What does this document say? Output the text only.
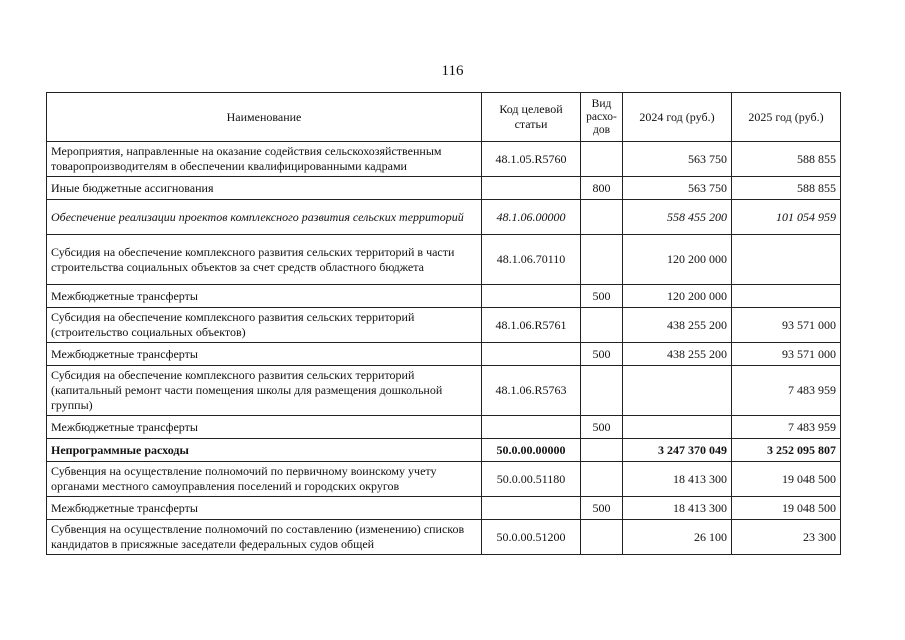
116
Наименование	Код целевой статьи	Вид расхо-дов	2024 год (руб.)	2025 год (руб.)
Мероприятия, направленные на оказание содействия сельскохозяйственным товаропроизводителям в обеспечении квалифицированными кадрами	48.1.05.R5760		563 750	588 855
Иные бюджетные ассигнования		800	563 750	588 855
Обеспечение реализации проектов комплексного развития сельских территорий	48.1.06.00000		558 455 200	101 054 959
Субсидия на обеспечение комплексного развития сельских территорий в части строительства социальных объектов за счет средств областного бюджета	48.1.06.70110		120 200 000	
Межбюджетные трансферты		500	120 200 000	
Субсидия на обеспечение комплексного развития сельских территорий (строительство социальных объектов)	48.1.06.R5761		438 255 200	93 571 000
Межбюджетные трансферты		500	438 255 200	93 571 000
Субсидия на обеспечение комплексного развития сельских территорий (капитальный ремонт части помещения школы для размещения дошкольной группы)	48.1.06.R5763			7 483 959
Межбюджетные трансферты		500		7 483 959
Непрограммные расходы	50.0.00.00000		3 247 370 049	3 252 095 807
Субвенция на осуществление полномочий по первичному воинскому учету органами местного самоуправления поселений и городских округов	50.0.00.51180		18 413 300	19 048 500
Межбюджетные трансферты		500	18 413 300	19 048 500
Субвенция на осуществление полномочий по составлению (изменению) списков кандидатов в присяжные заседатели федеральных судов общей	50.0.00.51200		26 100	23 300
